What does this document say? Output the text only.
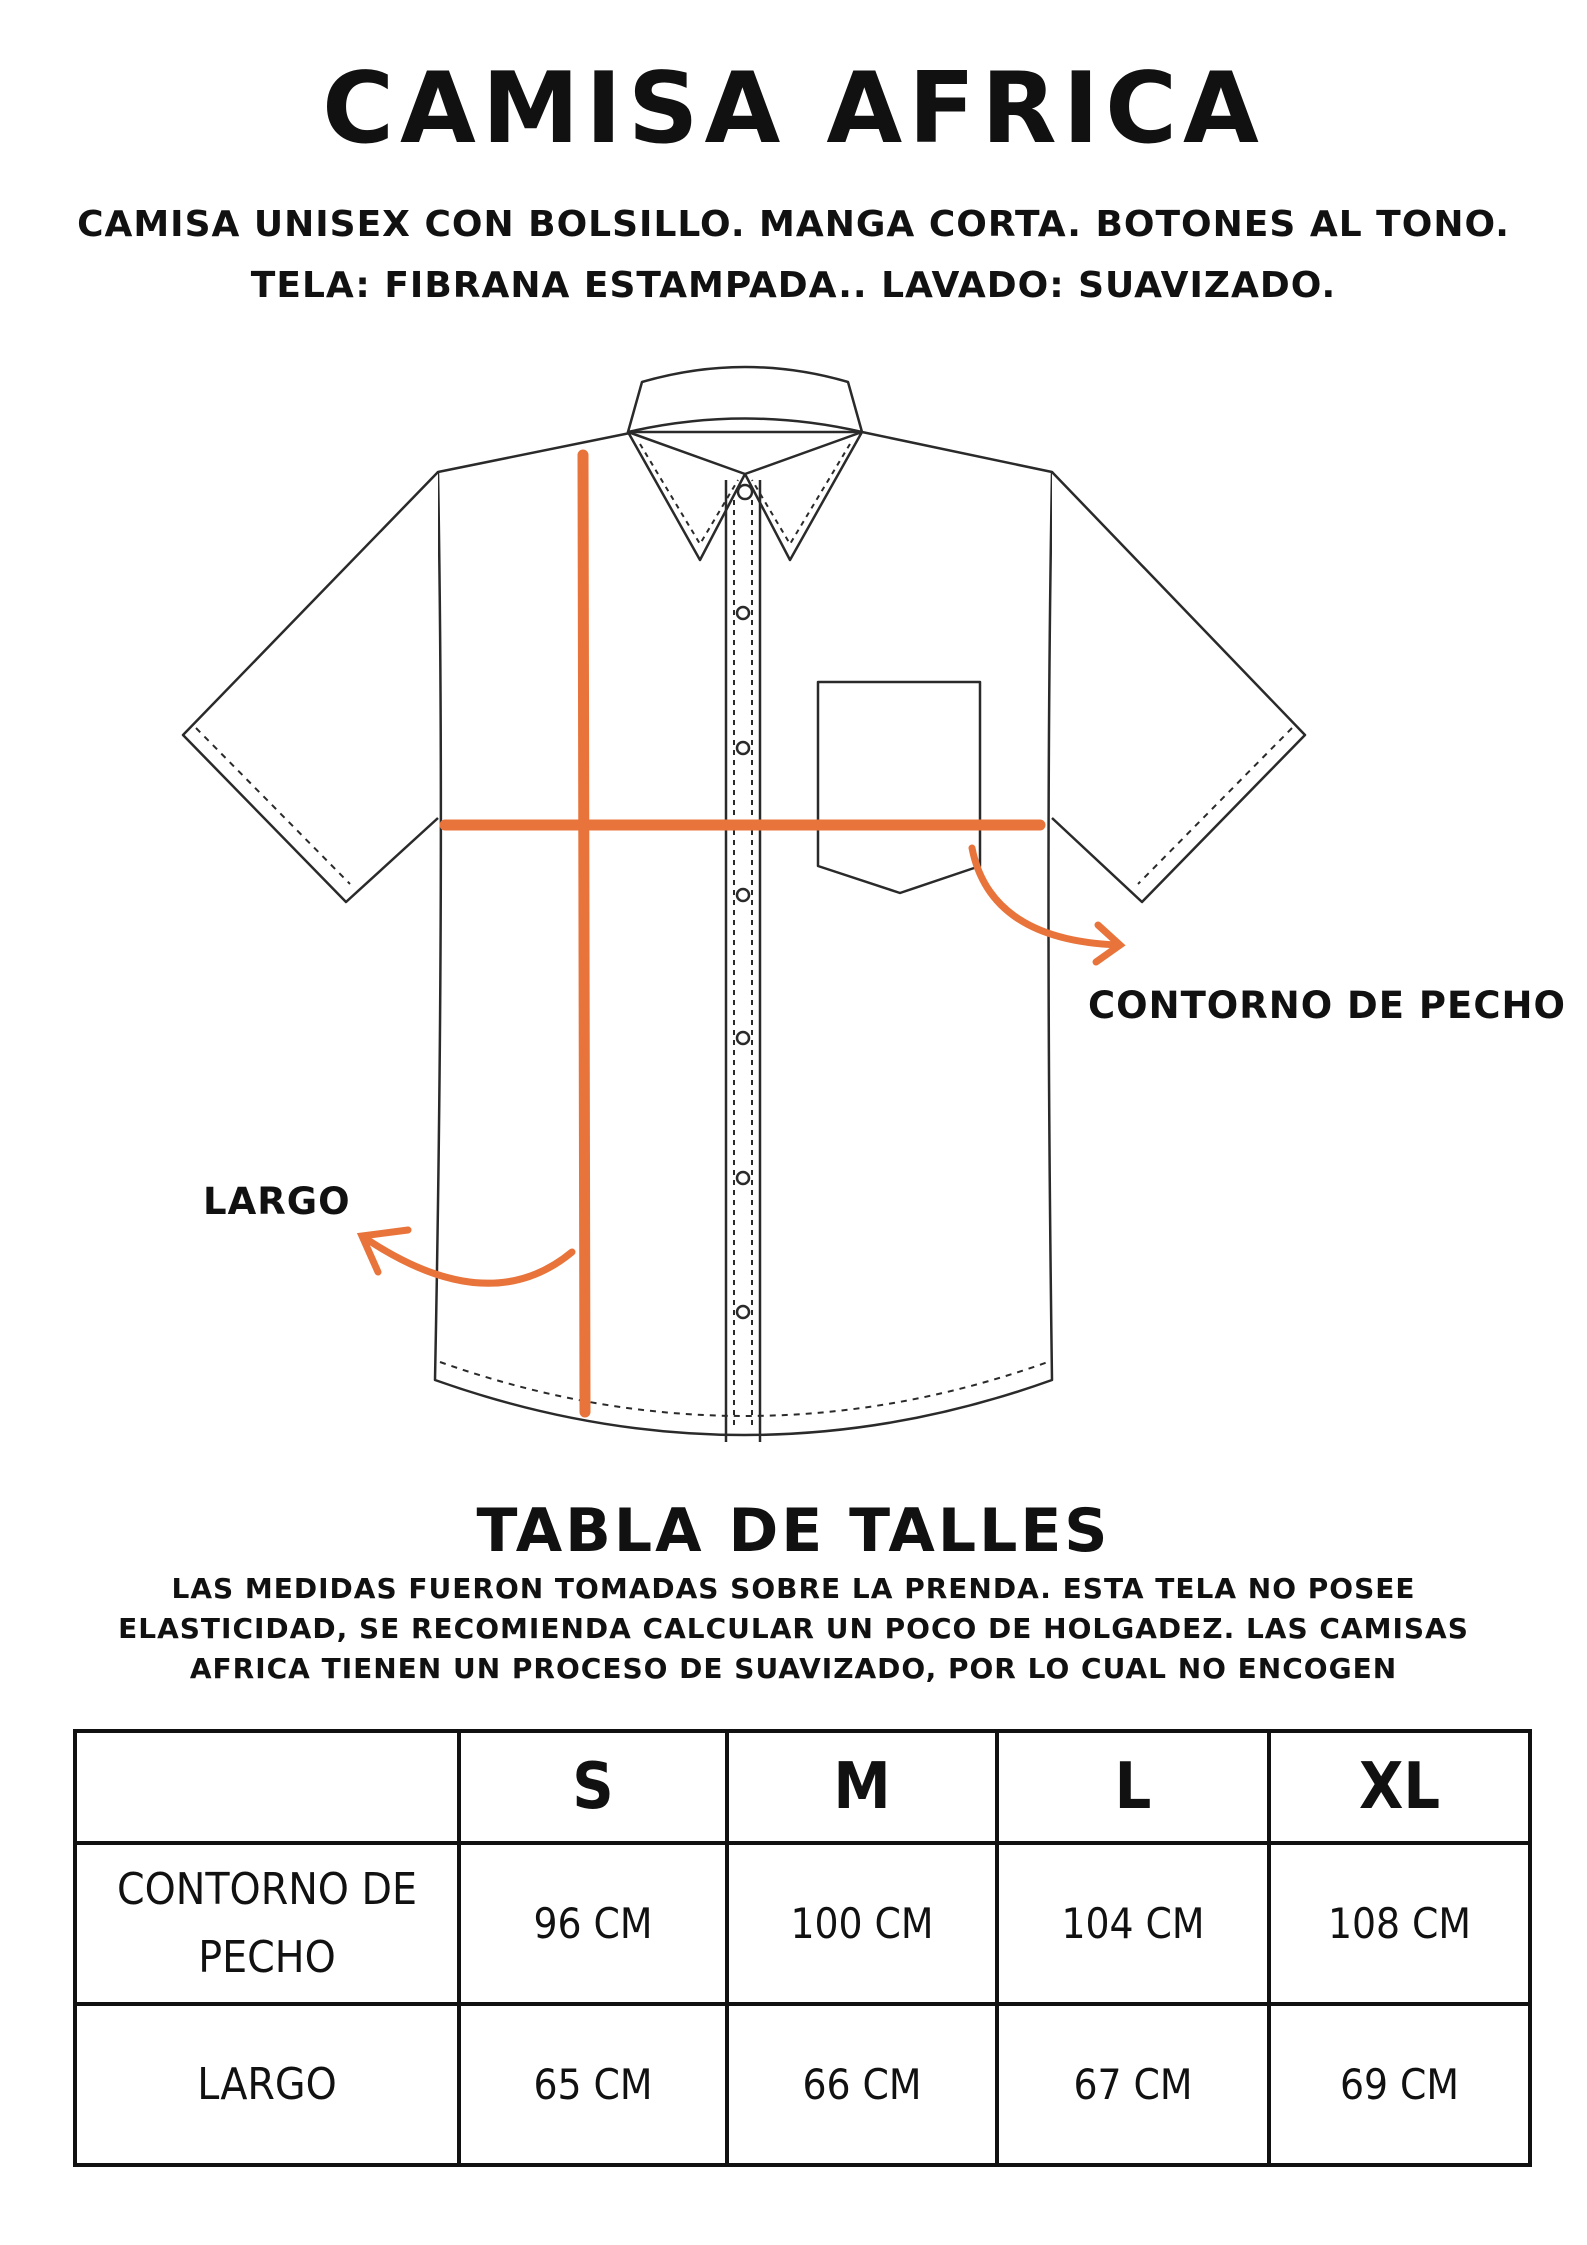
CAMISA AFRICA

CAMISA UNISEX CON BOLSILLO. MANGA CORTA. BOTONES AL TONO.

TELA: FIBRANA ESTAMPADA.. LAVADO: SUAVIZADO.

CONTORNO DE PECHO
LARGO
TABLA DE TALLES

LAS MEDIDAS FUERON TOMADAS SOBRE LA PRENDA. ESTA TELA NO POSEE

ELASTICIDAD, SE RECOMIENDA CALCULAR UN POCO DE HOLGADEZ. LAS CAMISAS

AFRICA TIENEN UN PROCESO DE SUAVIZADO, POR LO CUAL NO ENCOGEN

	S	M	L	XL

CONTORNO DE
PECHO	96 CM	100 CM	104 CM	108 CM

LARGO	65 CM	66 CM	67 CM	69 CM
